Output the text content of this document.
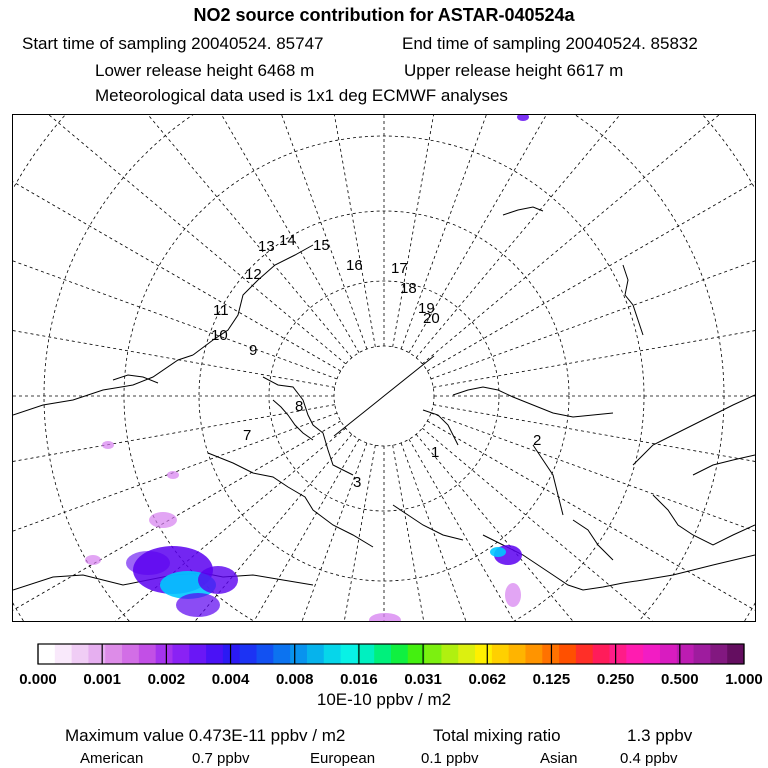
NO2 source contribution for ASTAR-040524a
Start time of sampling 20040524. 85747	End time of sampling 20040524. 85832
Lower release height 6468 m	Upper release height 6617 m
Meteorological data used is 1x1 deg ECMWF analyses
1
2
3
7
8
9
10
11
12
13 14 15
16 17
18
19
20
0.000 0.001 0.002 0.004 0.008 0.016 0.031 0.062 0.125 0.250 0.500 1.000
10E-10 ppbv / m2
Maximum value 0.473E-11 ppbv / m2	Total mixing ratio	1.3 ppbv
American	0.7 ppbv	European	0.1 ppbv	Asian	0.4 ppbv
